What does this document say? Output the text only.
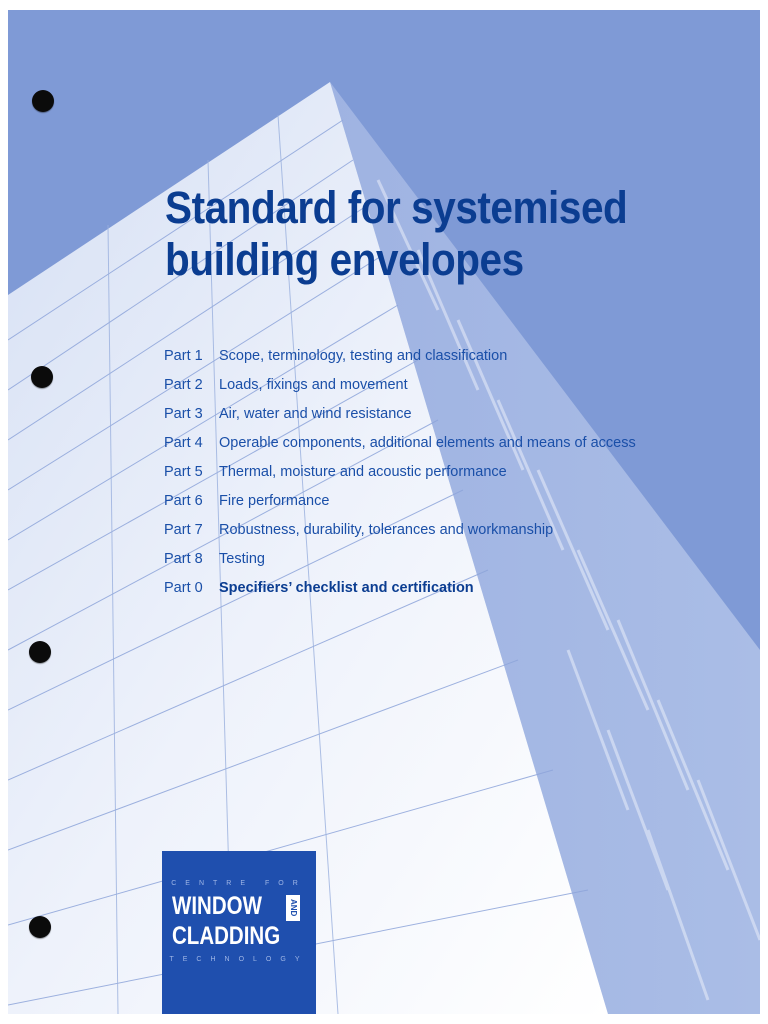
Standard for systemised
building envelopes
Part 1 Scope, terminology, testing and classification
Part 2 Loads, fixings and movement
Part 3 Air, water and wind resistance
Part 4 Operable components, additional elements and means of access
Part 5 Thermal, moisture and acoustic performance
Part 6 Fire performance
Part 7 Robustness, durability, tolerances and workmanship
Part 8 Testing
Part 0 Specifiers’ checklist and certification
CENTRE FOR
WINDOW	AND
CLADDING
TECHNOLOGY
